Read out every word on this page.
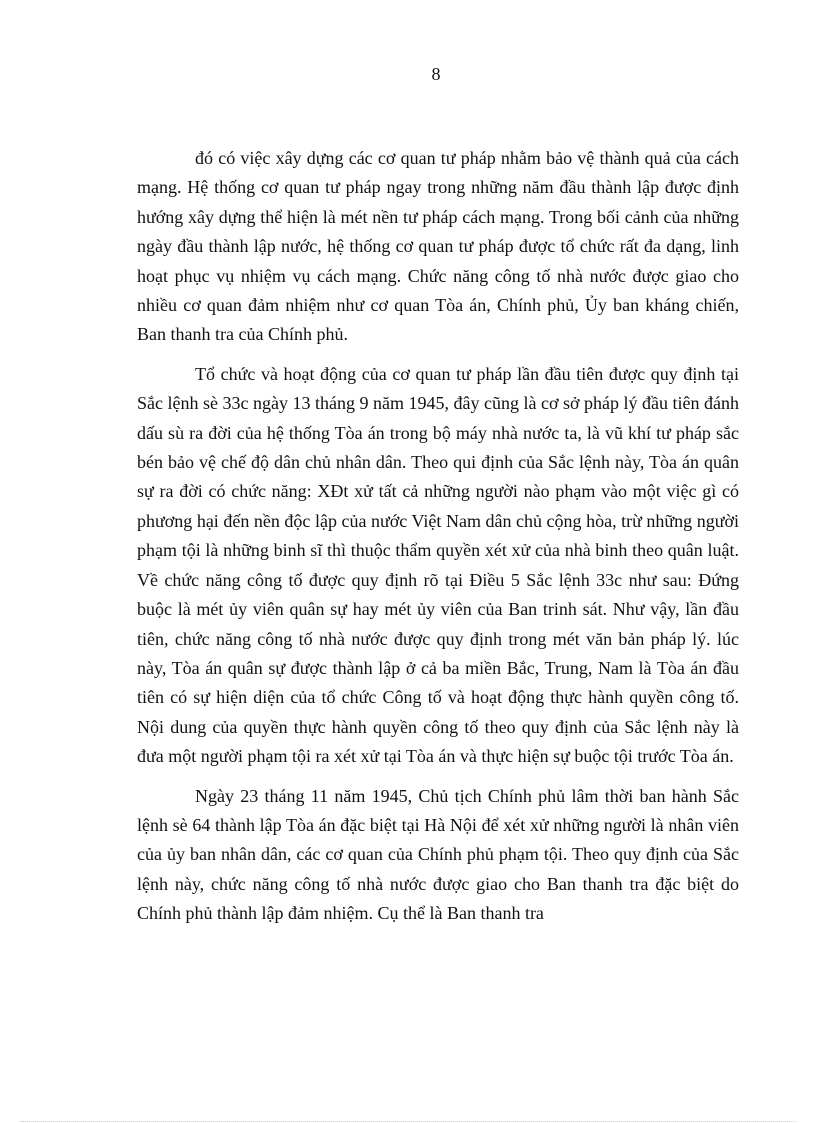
8

đó có việc xây dựng các cơ quan tư pháp nhằm bảo vệ thành quả của cách mạng. Hệ thống cơ quan tư pháp ngay trong những năm đầu thành lập được định hướng xây dựng thể hiện là mét nền tư pháp cách mạng. Trong bối cảnh của những ngày đầu thành lập nước, hệ thống cơ quan tư pháp được tổ chức rất đa dạng, linh hoạt phục vụ nhiệm vụ cách mạng. Chức năng công tố nhà nước được giao cho nhiều cơ quan đảm nhiệm như cơ quan Tòa án, Chính phủ, Ủy ban kháng chiến, Ban thanh tra của Chính phủ.

Tổ chức và hoạt động của cơ quan tư pháp lần đầu tiên được quy định tại Sắc lệnh sè 33c ngày 13 tháng 9 năm 1945, đây cũng là cơ sở pháp lý đầu tiên đánh dấu sù ra đời của hệ thống Tòa án trong bộ máy nhà nước ta, là vũ khí tư pháp sắc bén bảo vệ chế độ dân chủ nhân dân. Theo qui định của Sắc lệnh này, Tòa án quân sự ra đời có chức năng: XĐt xử tất cả những người nào phạm vào một việc gì có phương hại đến nền độc lập của nước Việt Nam dân chủ cộng hòa, trừ những người phạm tội là những binh sĩ thì thuộc thẩm quyền xét xử của nhà binh theo quân luật. Về chức năng công tố được quy định rõ tại Điều 5 Sắc lệnh 33c như sau: Đứng buộc là mét ủy viên quân sự hay mét ủy viên của Ban trinh sát. Như vậy, lần đầu tiên, chức năng công tố nhà nước được quy định trong mét văn bản pháp lý. lúc này, Tòa án quân sự được thành lập ở cả ba miền Bắc, Trung, Nam là Tòa án đầu tiên có sự hiện diện của tổ chức Công tố và hoạt động thực hành quyền công tố. Nội dung của quyền thực hành quyền công tố theo quy định của Sắc lệnh này là đưa một người phạm tội ra xét xử tại Tòa án và thực hiện sự buộc tội trước Tòa án.

Ngày 23 tháng 11 năm 1945, Chủ tịch Chính phủ lâm thời ban hành Sắc lệnh sè 64 thành lập Tòa án đặc biệt tại Hà Nội để xét xử những người là nhân viên của ủy ban nhân dân, các cơ quan của Chính phủ phạm tội. Theo quy định của Sắc lệnh này, chức năng công tố nhà nước được giao cho Ban thanh tra đặc biệt do Chính phủ thành lập đảm nhiệm. Cụ thể là Ban thanh tra
